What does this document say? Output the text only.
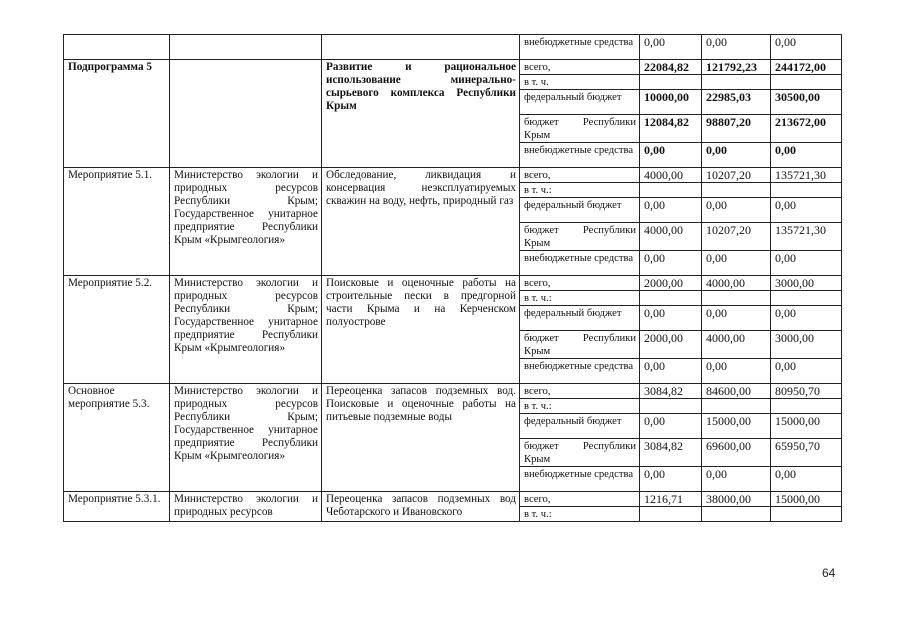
			внебюджетные средства	0,00	0,00	0,00
Подпрограмма 5		Развитие и рациональное использование минерально-сырьевого комплекса Республики Крым	всего,	22084,82	121792,23	244172,00
			в т. ч.			
			федеральный бюджет	10000,00	22985,03	30500,00
			бюджет Республики Крым	12084,82	98807,20	213672,00
			внебюджетные средства	0,00	0,00	0,00
Мероприятие 5.1.	Министерство экологии и природных ресурсов Республики Крым; Государственное унитарное предприятие Республики Крым «Крымгеология»	Обследование, ликвидация и консервация неэксплуатируемых скважин на воду, нефть, природный газ	всего,	4000,00	10207,20	135721,30
			в т. ч.:			
			федеральный бюджет	0,00	0,00	0,00
			бюджет Республики Крым	4000,00	10207,20	135721,30
			внебюджетные средства	0,00	0,00	0,00
Мероприятие 5.2.	Министерство экологии и природных ресурсов Республики Крым; Государственное унитарное предприятие Республики Крым «Крымгеология»	Поисковые и оценочные работы на строительные пески в предгорной части Крыма и на Керченском полуострове	всего,	2000,00	4000,00	3000,00
			в т. ч.:			
			федеральный бюджет	0,00	0,00	0,00
			бюджет Республики Крым	2000,00	4000,00	3000,00
			внебюджетные средства	0,00	0,00	0,00
Основное мероприятие 5.3.	Министерство экологии и природных ресурсов Республики Крым; Государственное унитарное предприятие Республики Крым «Крымгеология»	Переоценка запасов подземных вод. Поисковые и оценочные работы на питьевые подземные воды	всего,	3084,82	84600,00	80950,70
			в т. ч.:			
			федеральный бюджет	0,00	15000,00	15000,00
			бюджет Республики Крым	3084,82	69600,00	65950,70
			внебюджетные средства	0,00	0,00	0,00
Мероприятие 5.3.1.	Министерство экологии и природных ресурсов	Переоценка запасов подземных вод Чеботарского и Ивановского	всего,	1216,71	38000,00	15000,00
			в т. ч.:			
64
